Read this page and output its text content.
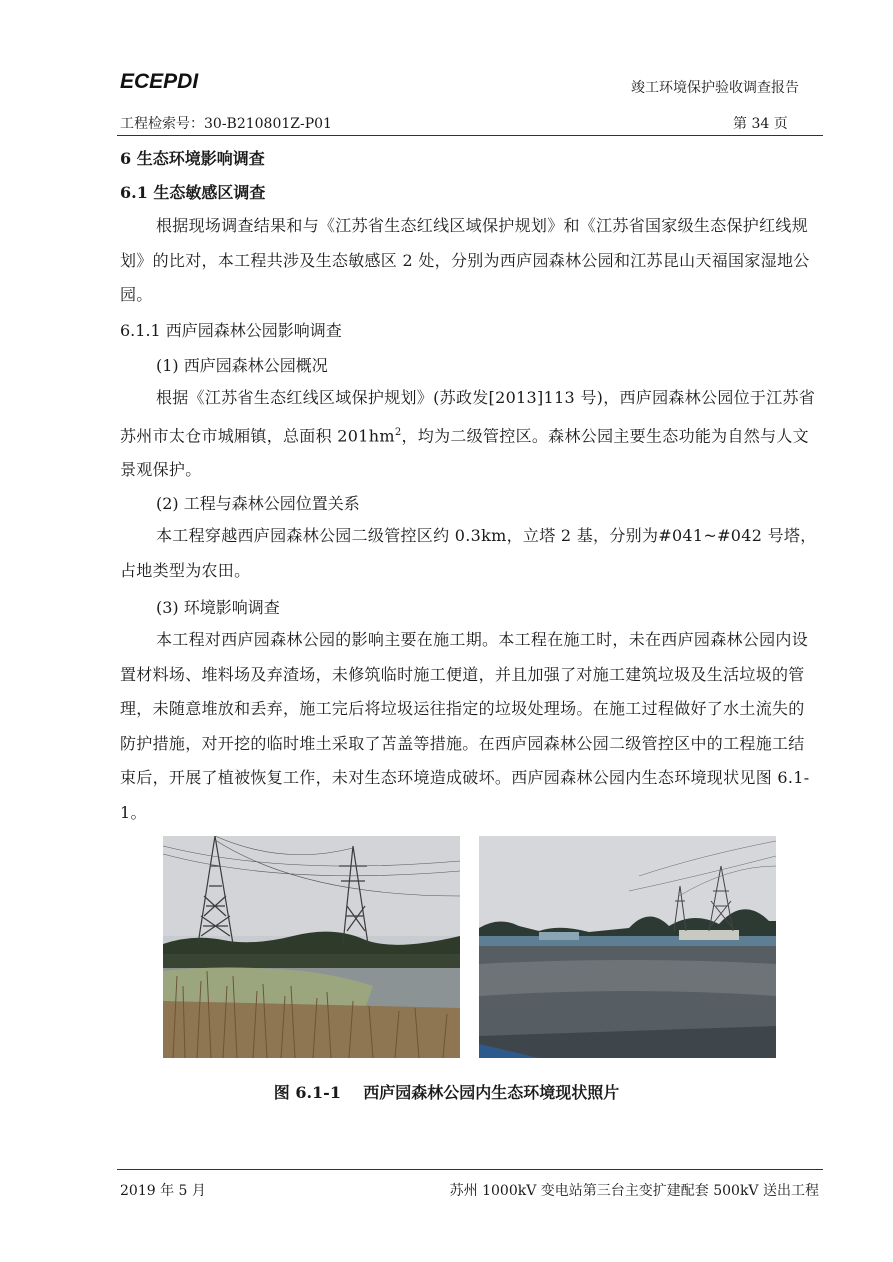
ECEPDI	竣工环境保护验收调查报告
工程检索号：30-B210801Z-P01	第 34 页
6 生态环境影响调查
6.1 生态敏感区调查

根据现场调查结果和与《江苏省生态红线区域保护规划》和《江苏省国家级生态保护红线规划》的比对，本工程共涉及生态敏感区 2 处，分别为西庐园森林公园和江苏昆山天福国家湿地公园。

6.1.1 西庐园森林公园影响调查
(1) 西庐园森林公园概况

根据《江苏省生态红线区域保护规划》(苏政发[2013]113 号)，西庐园森林公园位于江苏省苏州市太仓市城厢镇，总面积 $201hm^2$，均为二级管控区。森林公园主要生态功能为自然与人文景观保护。

(2) 工程与森林公园位置关系

本工程穿越西庐园森林公园二级管控区约 0.3km，立塔 2 基，分别为#041~#042 号塔，占地类型为农田。

(3) 环境影响调查

本工程对西庐园森林公园的影响主要在施工期。本工程在施工时，未在西庐园森林公园内设置材料场、堆料场及弃渣场，未修筑临时施工便道，并且加强了对施工建筑垃圾及生活垃圾的管理，未随意堆放和丢弃，施工完后将垃圾运往指定的垃圾处理场。在施工过程做好了水土流失的防护措施，对开挖的临时堆土采取了苫盖等措施。在西庐园森林公园二级管控区中的工程施工结束后，开展了植被恢复工作，未对生态环境造成破坏。西庐园森林公园内生态环境现状见图 6.1-1。

图 6.1-1    西庐园森林公园内生态环境现状照片
2019 年 5 月	苏州 1000kV 变电站第三台主变扩建配套 500kV 送出工程
